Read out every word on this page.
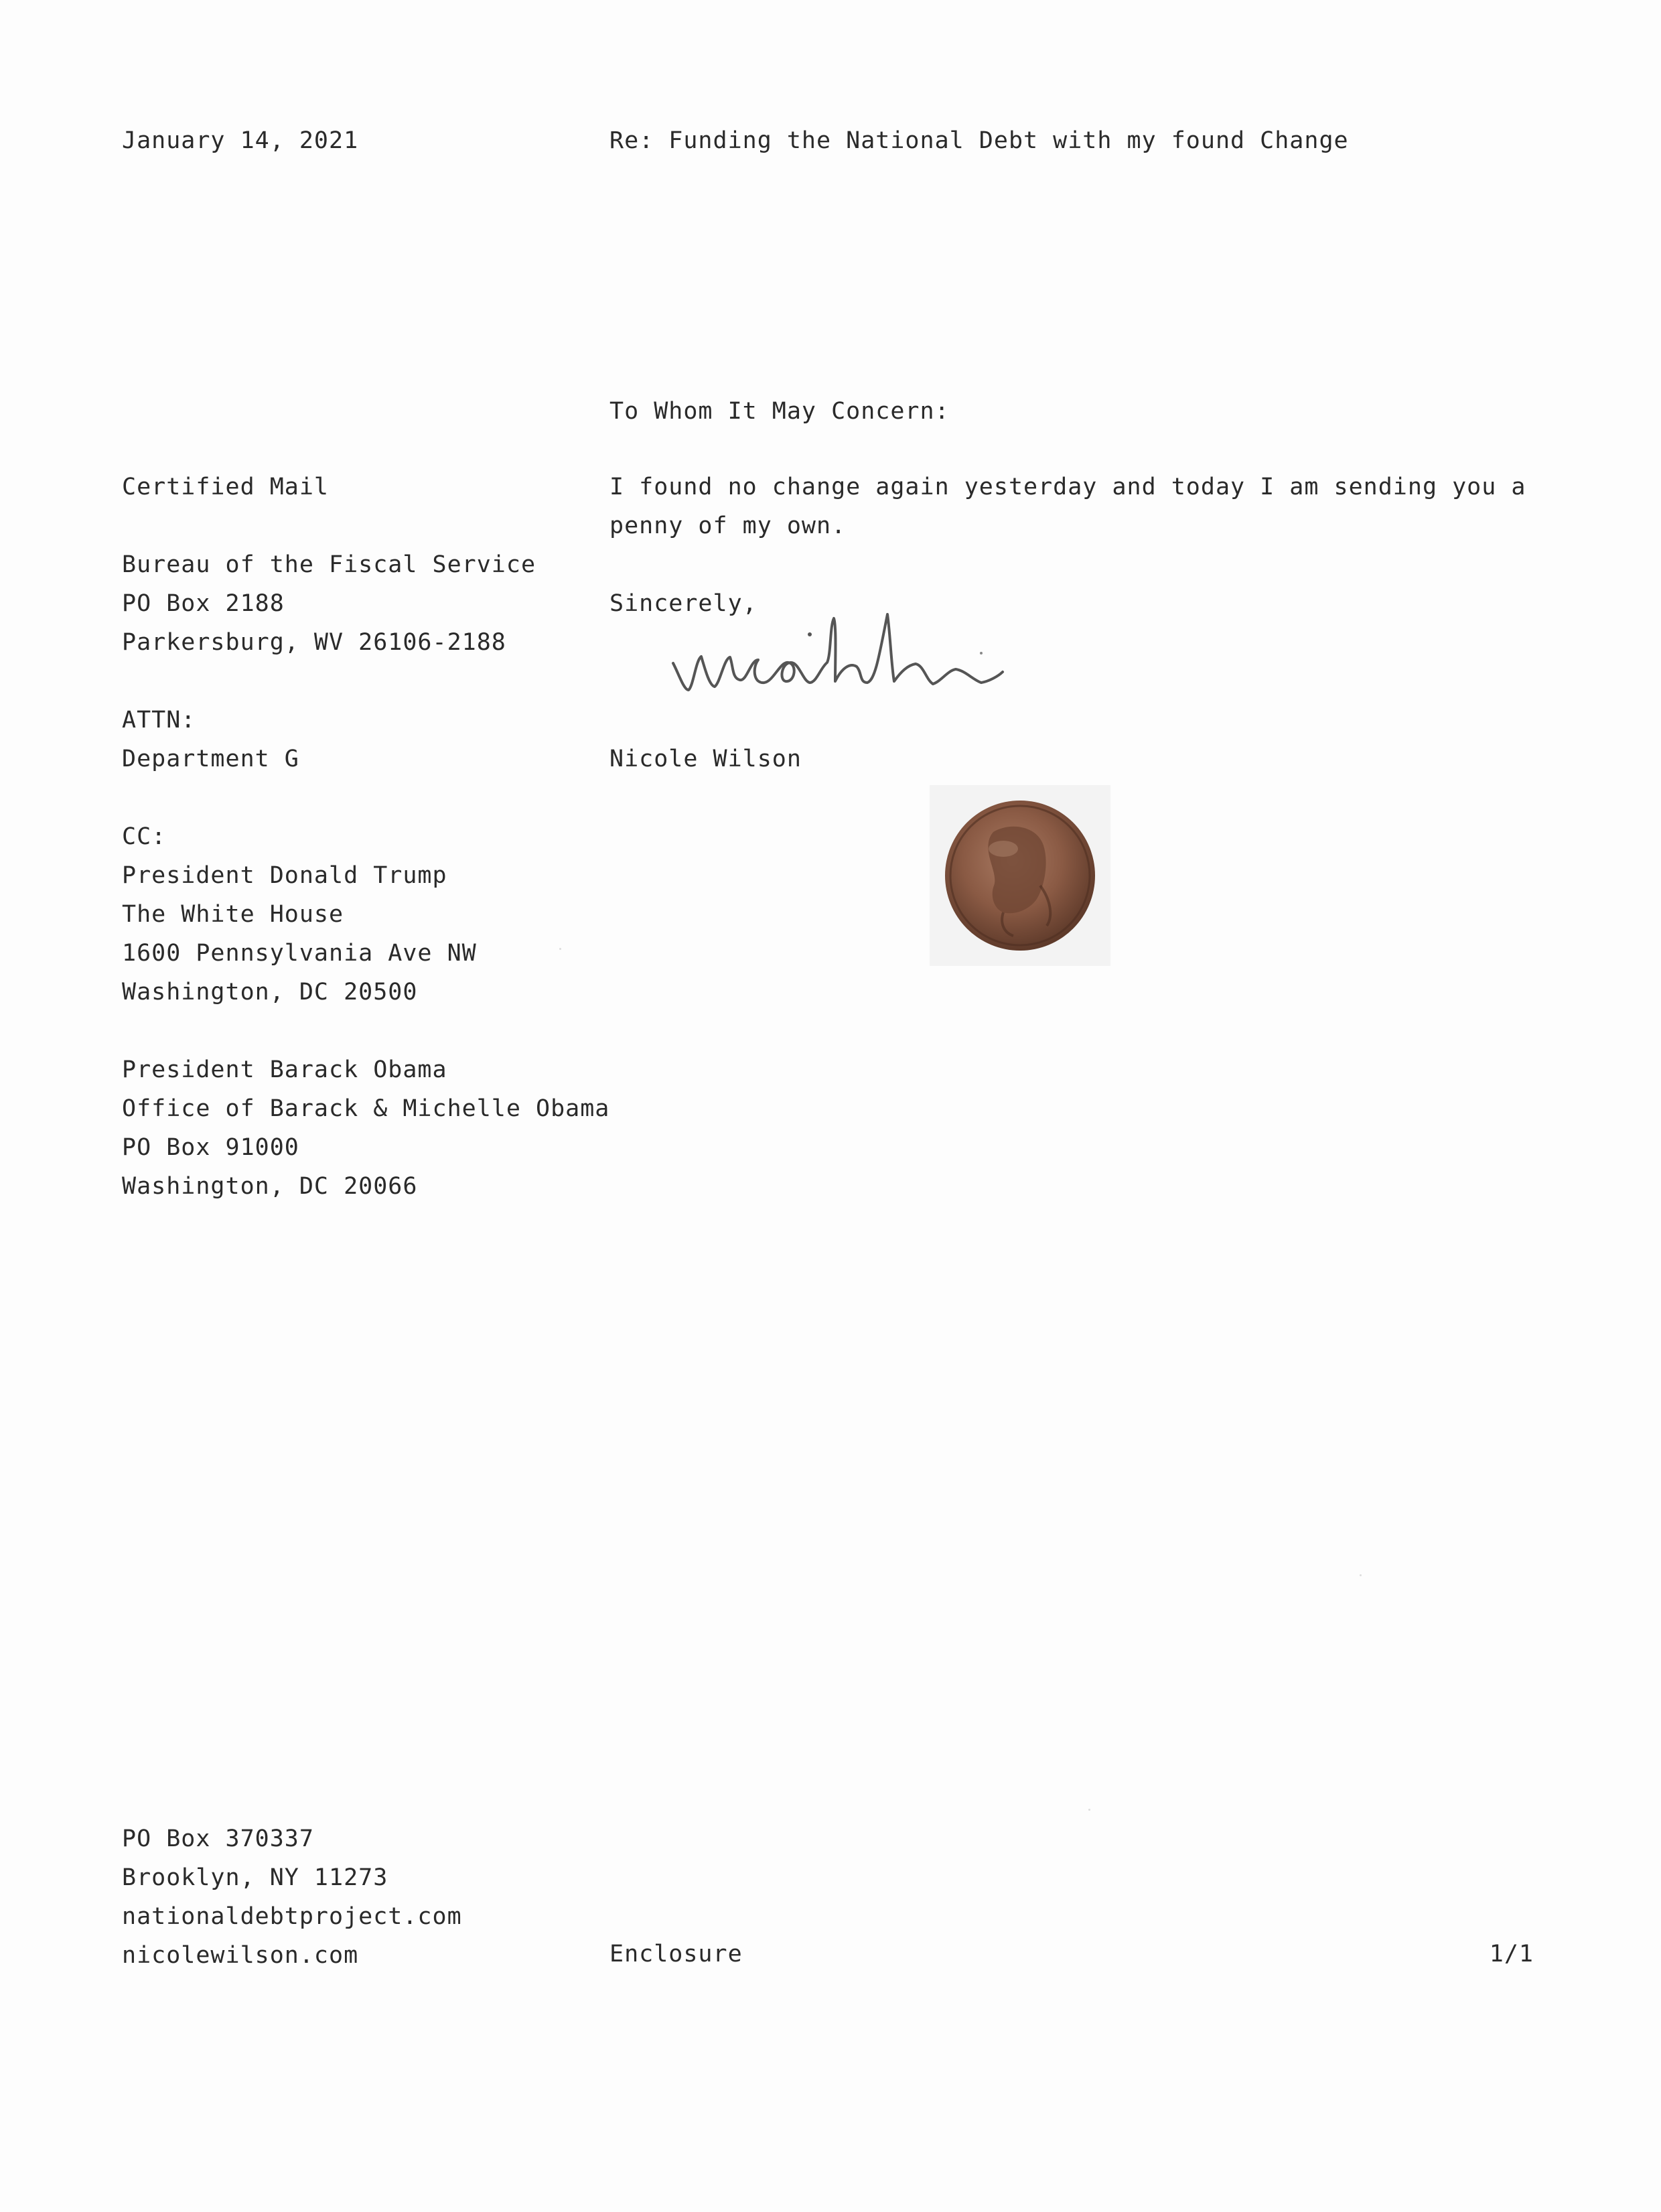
January 14, 2021	Re: Funding the National Debt with my found Change
To Whom It May Concern:
Certified Mail
Bureau of the Fiscal Service
PO Box 2188
Parkersburg, WV 26106-2188
ATTN:
Department G
CC:
President Donald Trump
The White House
1600 Pennsylvania Ave NW
Washington, DC 20500
President Barack Obama
Office of Barack & Michelle Obama
PO Box 91000
Washington, DC 20066
I found no change again yesterday and today I am sending you a
penny of my own.
Sincerely,
Nicole Wilson
PO Box 370337
Brooklyn, NY 11273
nationaldebtproject.com
nicolewilson.com	Enclosure	1/1
